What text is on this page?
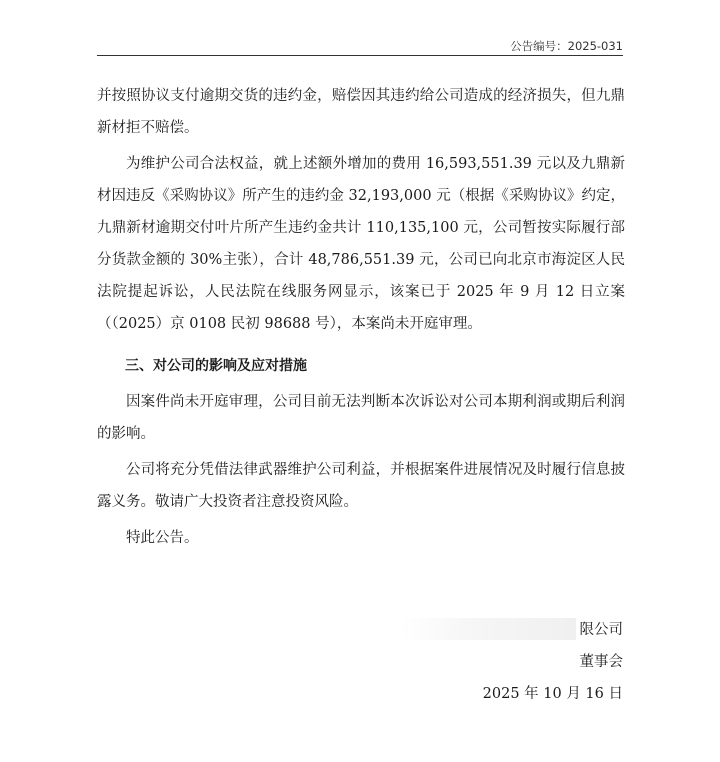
公告编号：2025-031

并按照协议支付逾期交货的违约金，赔偿因其违约给公司造成的经济损失，但九鼎新材拒不赔偿。

为维护公司合法权益，就上述额外增加的费用 16,593,551.39 元以及九鼎新材因违反《采购协议》所产生的违约金 32,193,000 元（根据《采购协议》约定，九鼎新材逾期交付叶片所产生违约金共计 110,135,100 元，公司暂按实际履行部分货款金额的 30%主张），合计 48,786,551.39 元，公司已向北京市海淀区人民法院提起诉讼，人民法院在线服务网显示，该案已于 2025 年 9 月 12 日立案（（2025）京 0108 民初 98688 号），本案尚未开庭审理。

三、对公司的影响及应对措施

因案件尚未开庭审理，公司目前无法判断本次诉讼对公司本期利润或期后利润的影响。

公司将充分凭借法律武器维护公司利益，并根据案件进展情况及时履行信息披露义务。敬请广大投资者注意投资风险。

特此公告。

限公司
董事会
2025 年 10 月 16 日
